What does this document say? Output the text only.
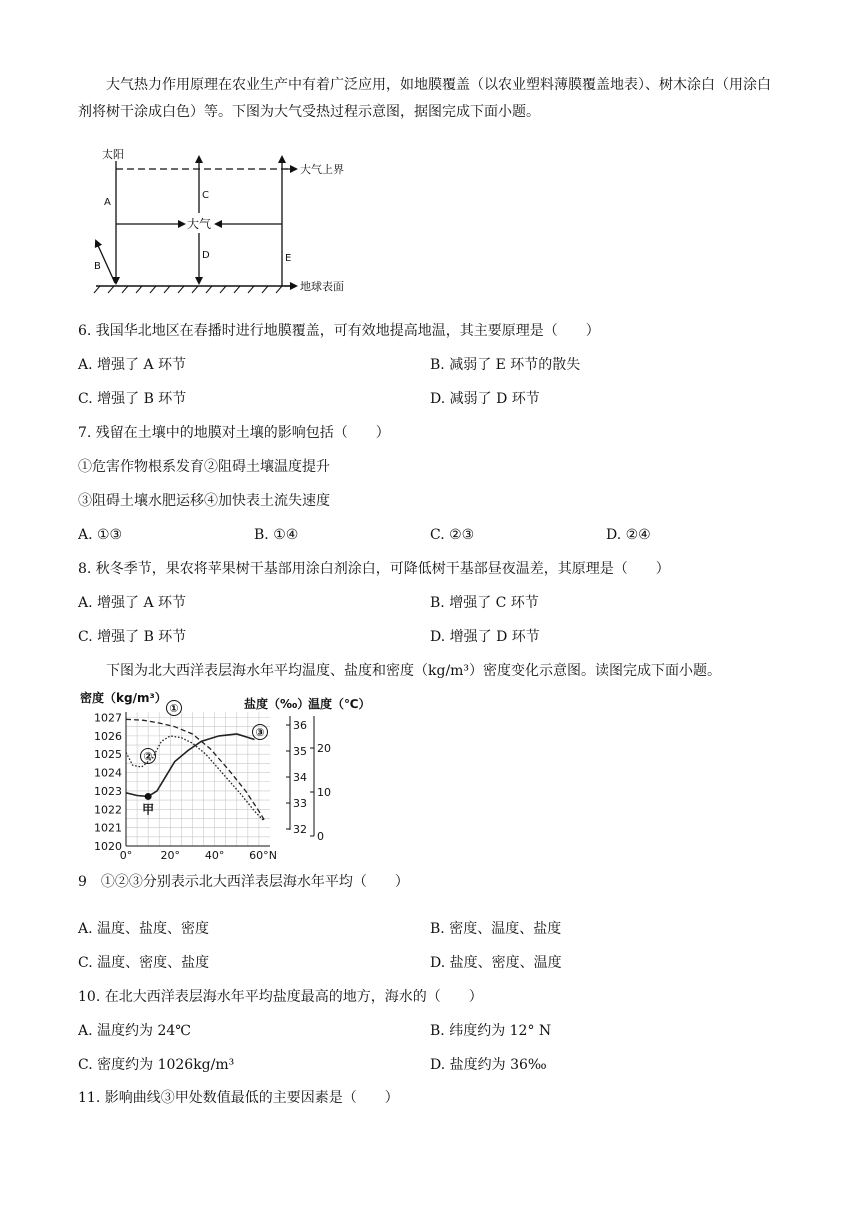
大气热力作用原理在农业生产中有着广泛应用，如地膜覆盖（以农业塑料薄膜覆盖地表）、树木涂白（用涂白剂将树干涂成白色）等。下图为大气受热过程示意图，据图完成下面小题。
大气上界
太阳
地球表面
A
B
大气
C
D	E
6. 我国华北地区在春播时进行地膜覆盖，可有效地提高地温，其主要原理是（　　）
A. 增强了 A 环节	B. 减弱了 E 环节的散失
C. 增强了 B 环节	D. 减弱了 D 环节
7. 残留在土壤中的地膜对土壤的影响包括（　　）
①危害作物根系发育②阻碍土壤温度提升
③阻碍土壤水肥运移④加快表土流失速度
A. ①③	B. ①④	C. ②③	D. ②④
8. 秋冬季节，果农将苹果树干基部用涂白剂涂白，可降低树干基部昼夜温差，其原理是（　　）
A. 增强了 A 环节	B. 增强了 C 环节
C. 增强了 B 环节	D. 增强了 D 环节
下图为北大西洋表层海水年平均温度、盐度和密度（kg/m³）密度变化示意图。读图完成下面小题。
密度（kg/m³）	盐度（‰）
温度（℃）
①
②
③
甲
1027
1026
1025
1024
1023
1022
1021
1020
0°	20° 40° 60° N
36
35
34
33
32
20
10
0
9　①②③分别表示北大西洋表层海水年平均（　　）
A. 温度、盐度、密度	B. 密度、温度、盐度
C. 温度、密度、盐度	D. 盐度、密度、温度
10. 在北大西洋表层海水年平均盐度最高的地方，海水的（　　）
A. 温度约为 24℃	B. 纬度约为 12° N
C. 密度约为 1026kg/m³	D. 盐度约为 36‰
11. 影响曲线③甲处数值最低的主要因素是（　　）
